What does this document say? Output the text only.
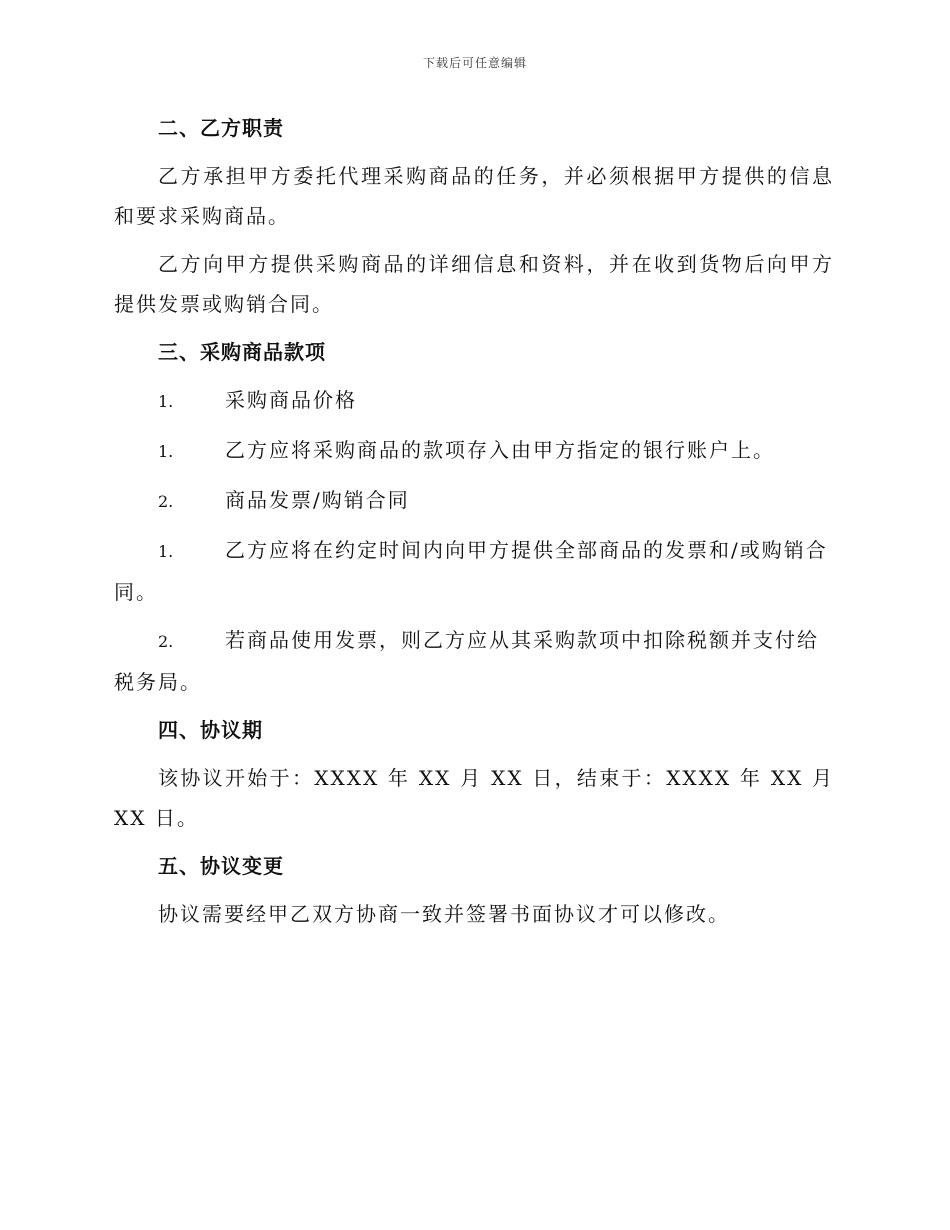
下载后可任意编辑
二、乙方职责

乙方承担甲方委托代理采购商品的任务，并必须根据甲方提供的信息和要求采购商品。

乙方向甲方提供采购商品的详细信息和资料，并在收到货物后向甲方提供发票或购销合同。

三、采购商品款项
1.	采购商品价格
1.	乙方应将采购商品的款项存入由甲方指定的银行账户上。
2.	商品发票/购销合同
1.	乙方应将在约定时间内向甲方提供全部商品的发票和/或购销合同。
2.	若商品使用发票，则乙方应从其采购款项中扣除税额并支付给税务局。
四、协议期

该协议开始于：XXXX 年 XX 月 XX 日，结束于：XXXX 年 XX 月 XX 日。

五、协议变更

协议需要经甲乙双方协商一致并签署书面协议才可以修改。
